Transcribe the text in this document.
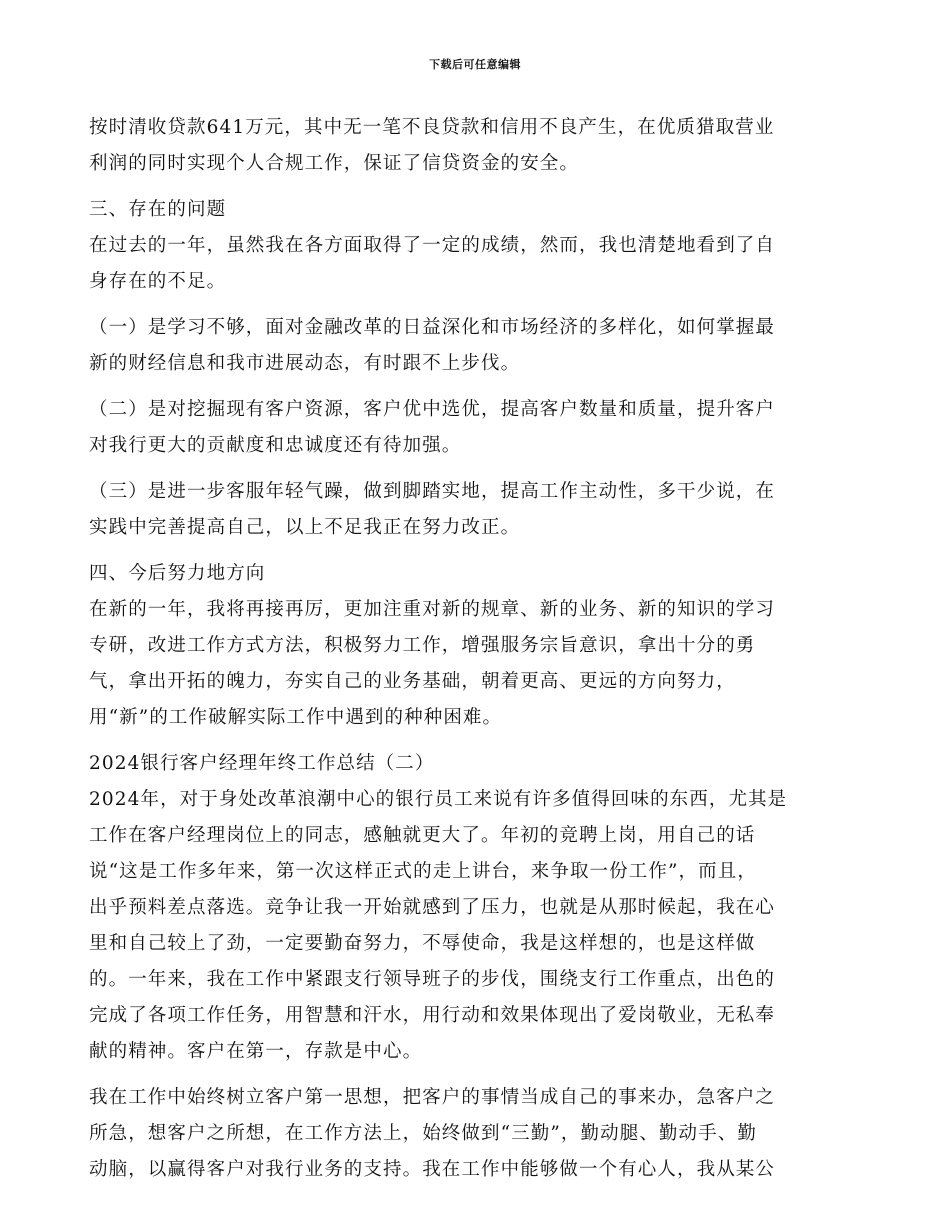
下载后可任意编辑

按时清收贷款641万元，其中无一笔不良贷款和信用不良产生，在优质猎取营业
利润的同时实现个人合规工作，保证了信贷资金的安全。

三、存在的问题

在过去的一年，虽然我在各方面取得了一定的成绩，然而，我也清楚地看到了自
身存在的不足。

（一）是学习不够，面对金融改革的日益深化和市场经济的多样化，如何掌握最
新的财经信息和我市进展动态，有时跟不上步伐。

（二）是对挖掘现有客户资源，客户优中选优，提高客户数量和质量，提升客户
对我行更大的贡献度和忠诚度还有待加强。

（三）是进一步客服年轻气躁，做到脚踏实地，提高工作主动性，多干少说，在
实践中完善提高自己，以上不足我正在努力改正。

四、今后努力地方向

在新的一年，我将再接再厉，更加注重对新的规章、新的业务、新的知识的学习
专研，改进工作方式方法，积极努力工作，增强服务宗旨意识，拿出十分的勇
气，拿出开拓的魄力，夯实自己的业务基础，朝着更高、更远的方向努力，
用“新”的工作破解实际工作中遇到的种种困难。

2024银行客户经理年终工作总结（二）

2024年，对于身处改革浪潮中心的银行员工来说有许多值得回味的东西，尤其是
工作在客户经理岗位上的同志，感触就更大了。年初的竞聘上岗，用自己的话
说“这是工作多年来，第一次这样正式的走上讲台，来争取一份工作”，而且，
出乎预料差点落选。竞争让我一开始就感到了压力，也就是从那时候起，我在心
里和自己较上了劲，一定要勤奋努力，不辱使命，我是这样想的，也是这样做
的。一年来，我在工作中紧跟支行领导班子的步伐，围绕支行工作重点，出色的
完成了各项工作任务，用智慧和汗水，用行动和效果体现出了爱岗敬业，无私奉
献的精神。客户在第一，存款是中心。

我在工作中始终树立客户第一思想，把客户的事情当成自己的事来办，急客户之
所急，想客户之所想，在工作方法上，始终做到“三勤”，勤动腿、勤动手、勤
动脑，以赢得客户对我行业务的支持。我在工作中能够做一个有心人，我从某公
